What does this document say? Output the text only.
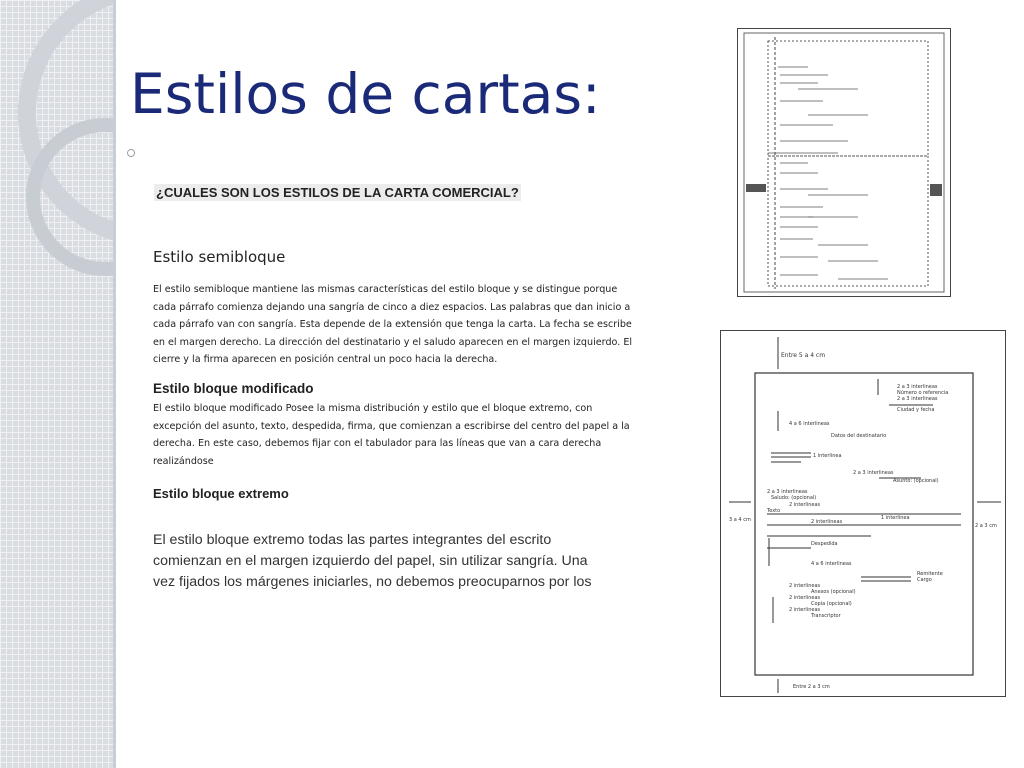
Estilos de cartas:
¿CUALES SON LOS ESTILOS DE LA CARTA COMERCIAL?
Estilo semibloque
El estilo semibloque mantiene las mismas características del estilo bloque y se distingue porque
cada párrafo comienza dejando una sangría de cinco a diez espacios. Las palabras que dan inicio a
cada párrafo van con sangría. Esta depende de la extensión que tenga la carta. La fecha se escribe
en el margen derecho. La dirección del destinatario y el saludo aparecen en el margen izquierdo. El
cierre y la firma aparecen en posición central un poco hacia la derecha.
Estilo bloque modificado
El estilo bloque modificado Posee la misma distribución y estilo que el bloque extremo, con
excepción del asunto, texto, despedida, firma, que comienzan a escribirse del centro del papel a la
derecha. En este caso, debemos fijar con el tabulador para las líneas que van a cara derecha
realizándose
Estilo bloque extremo
El estilo bloque extremo todas las partes integrantes del escrito
comienzan en el margen izquierdo del papel, sin utilizar sangría. Una
vez fijados los márgenes iniciarles, no debemos preocuparnos por los
Entre 5 a 4 cm
2 a 3 interlineas
Número o referencia
2 a 3 interlineas
Ciudad y fecha
4 a 6 interlineas
Datos del destinatario
1 interlinea
2 a 3 interlineas
Asunto: (opcional)
2 a 3 interlineas
Saludo: (opcional)
2 interlineas
Texto
1 interlinea
2 interlineas
Despedida
4 a 6 interlineas
Remitente
Cargo
2 interlineas
Anexos (opcional)
2 interlineas
Copia (opcional)
2 interlineas
Transcriptor
3 a 4 cm
2 a 3 cm
Entre 2 a 3 cm
